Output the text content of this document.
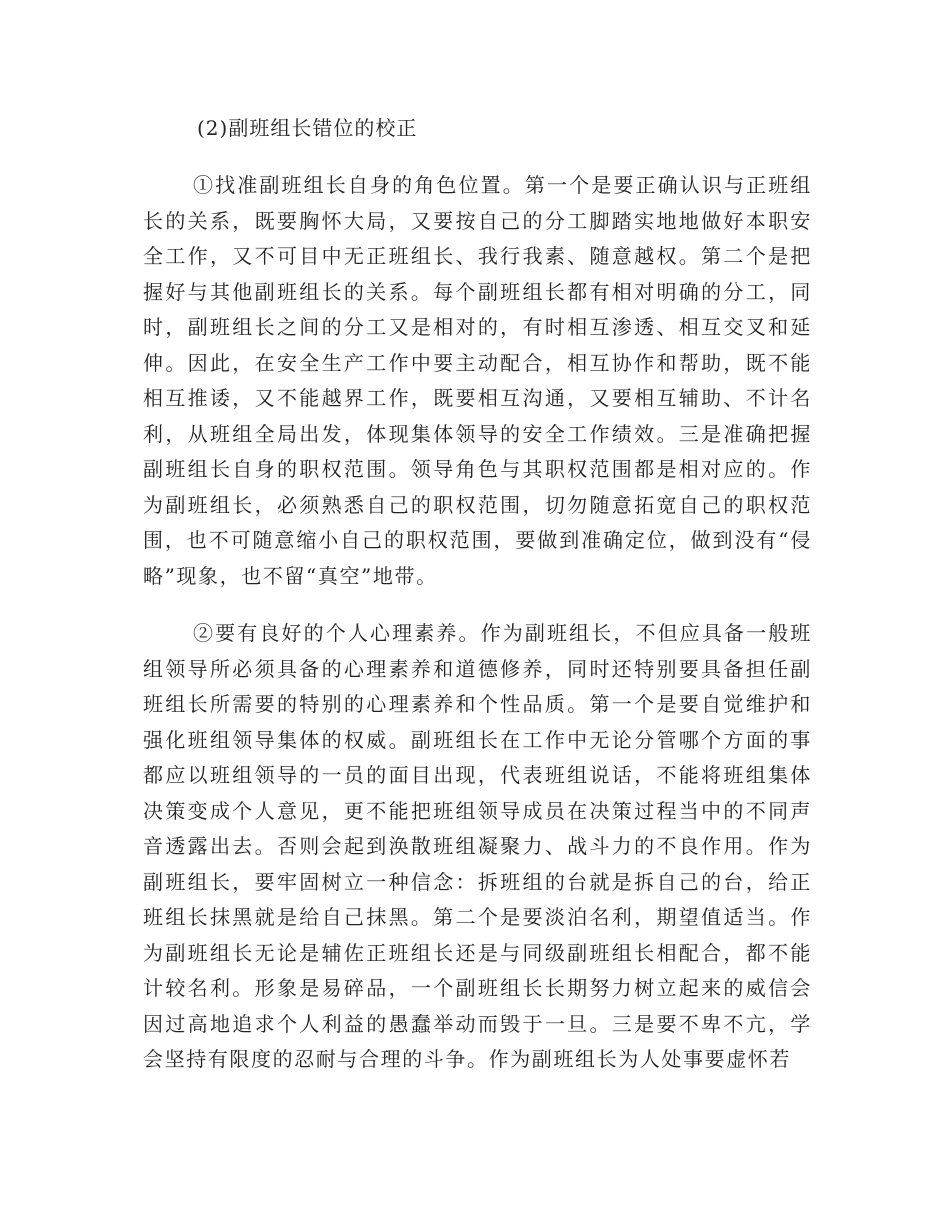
(2)副班组长错位的校正

①找准副班组长自身的角色位置。第一个是要正确认识与正班组长的关系，既要胸怀大局，又要按自己的分工脚踏实地地做好本职安全工作，又不可目中无正班组长、我行我素、随意越权。第二个是把握好与其他副班组长的关系。每个副班组长都有相对明确的分工，同时，副班组长之间的分工又是相对的，有时相互渗透、相互交叉和延伸。因此，在安全生产工作中要主动配合，相互协作和帮助，既不能相互推诿，又不能越界工作，既要相互沟通，又要相互辅助、不计名利，从班组全局出发，体现集体领导的安全工作绩效。三是准确把握副班组长自身的职权范围。领导角色与其职权范围都是相对应的。作为副班组长，必须熟悉自己的职权范围，切勿随意拓宽自己的职权范围，也不可随意缩小自己的职权范围，要做到准确定位，做到没有“侵略”现象，也不留“真空”地带。

②要有良好的个人心理素养。作为副班组长，不但应具备一般班组领导所必须具备的心理素养和道德修养，同时还特别要具备担任副班组长所需要的特别的心理素养和个性品质。第一个是要自觉维护和强化班组领导集体的权威。副班组长在工作中无论分管哪个方面的事都应以班组领导的一员的面目出现，代表班组说话，不能将班组集体决策变成个人意见，更不能把班组领导成员在决策过程当中的不同声音透露出去。否则会起到涣散班组凝聚力、战斗力的不良作用。作为副班组长，要牢固树立一种信念：拆班组的台就是拆自己的台，给正班组长抹黑就是给自己抹黑。第二个是要淡泊名利，期望值适当。作为副班组长无论是辅佐正班组长还是与同级副班组长相配合，都不能计较名利。形象是易碎品，一个副班组长长期努力树立起来的威信会因过高地追求个人利益的愚蠢举动而毁于一旦。三是要不卑不亢，学会坚持有限度的忍耐与合理的斗争。作为副班组长为人处事要虚怀若
